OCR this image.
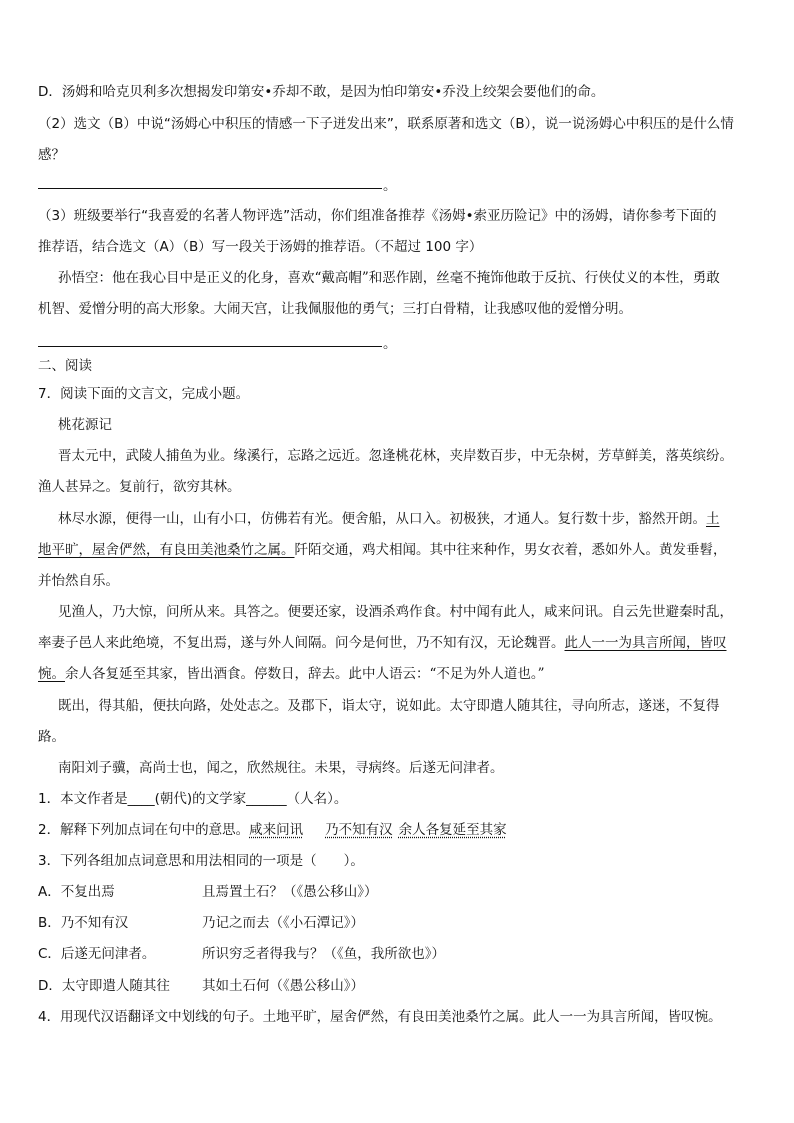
D．汤姆和哈克贝利多次想揭发印第安•乔却不敢，是因为怕印第安•乔没上绞架会要他们的命。
（2）选文（B）中说“汤姆心中积压的情感一下子迸发出来”，联系原著和选文（B），说一说汤姆心中积压的是什么情
感？
。
（3）班级要举行“我喜爱的名著人物评选”活动，你们组准备推荐《汤姆•索亚历险记》中的汤姆，请你参考下面的
推荐语，结合选文（A）（B）写一段关于汤姆的推荐语。（不超过 100 字）
孙悟空：他在我心目中是正义的化身，喜欢“戴高帽”和恶作剧，丝毫不掩饰他敢于反抗、行侠仗义的本性，勇敢
机智、爱憎分明的高大形象。大闹天宫，让我佩服他的勇气；三打白骨精，让我感叹他的爱憎分明。
。
二、阅读
7．阅读下面的文言文，完成小题。
桃花源记
晋太元中，武陵人捕鱼为业。缘溪行，忘路之远近。忽逢桃花林，夹岸数百步，中无杂树，芳草鲜美，落英缤纷。
渔人甚异之。复前行，欲穷其林。
林尽水源，便得一山，山有小口，仿佛若有光。便舍船，从口入。初极狭，才通人。复行数十步，豁然开朗。土
地平旷，屋舍俨然，有良田美池桑竹之属。阡陌交通，鸡犬相闻。其中往来种作，男女衣着，悉如外人。黄发垂髫，
并怡然自乐。
见渔人，乃大惊，问所从来。具答之。便要还家，设酒杀鸡作食。村中闻有此人，咸来问讯。自云先世避秦时乱，
率妻子邑人来此绝境，不复出焉，遂与外人间隔。问今是何世，乃不知有汉，无论魏晋。此人一一为具言所闻，皆叹
惋。余人各复延至其家，皆出酒食。停数日，辞去。此中人语云：“不足为外人道也。”
既出，得其船，便扶向路，处处志之。及郡下，诣太守，说如此。太守即遣人随其往，寻向所志，遂迷，不复得
路。
南阳刘子骥，高尚士也，闻之，欣然规往。未果，寻病终。后遂无问津者。
1．本文作者是____(朝代)的文学家______（人名）。
2．解释下列加点词在句中的意思。咸来问讯 乃不知有汉 余人各复延至其家
3．下列各组加点词意思和用法相同的一项是（　　）。
A．不复出焉	且焉置土石？（《愚公移山》）
B．乃不知有汉	乃记之而去（《小石潭记》）
C．后遂无问津者。	所识穷乏者得我与？（《鱼，我所欲也》）
D．太守即遣人随其往 其如土石何（《愚公移山》）
4．用现代汉语翻译文中划线的句子。土地平旷，屋舍俨然，有良田美池桑竹之属。此人一一为具言所闻，皆叹惋。
